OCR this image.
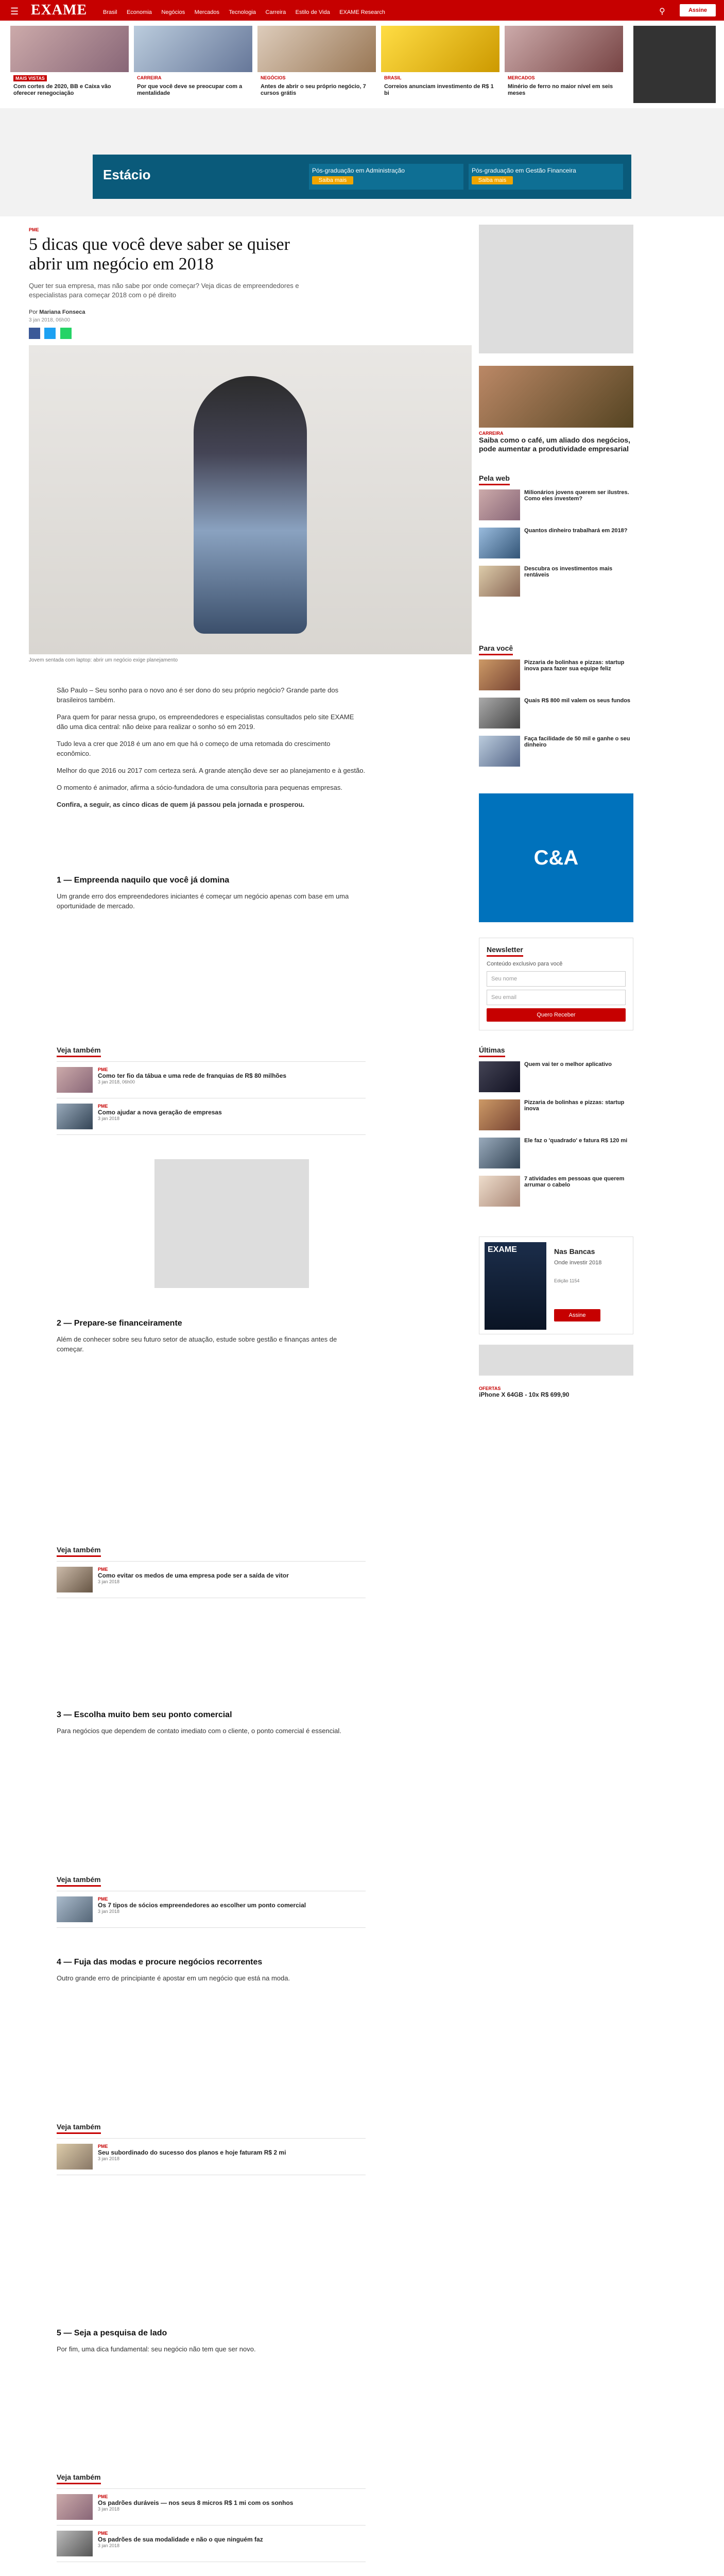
☰ EXAME	Brasil Economia Negócios Mercados Tecnologia Carreira Estilo de Vida EXAME Research	⚲	Assine
MAIS VISTAS
Com cortes de 2020, BB e Caixa vão oferecer renegociação
CARREIRA
Por que você deve se preocupar com a mentalidade
NEGÓCIOS
Antes de abrir o seu próprio negócio, 7 cursos grátis
BRASIL
Correios anunciam investimento de R$ 1 bi
MERCADOS
Minério de ferro no maior nível em seis meses
Estácio	Pós-graduação em Administração
Saiba mais
Pós-graduação em Gestão Financeira
Saiba mais
PME
5 dicas que você deve saber se quiser abrir um negócio em 2018
Quer ter sua empresa, mas não sabe por onde começar? Veja dicas de empreendedores e especialistas para começar 2018 com o pé direito
Por Mariana Fonseca
3 jan 2018, 06h00

Jovem sentada com laptop: abrir um negócio exige planejamento

São Paulo – Seu sonho para o novo ano é ser dono do seu próprio negócio? Grande parte dos brasileiros também.

Para quem for parar nessa grupo, os empreendedores e especialistas consultados pelo site EXAME dão uma dica central: não deixe para realizar o sonho só em 2019.

Tudo leva a crer que 2018 é um ano em que há o começo de uma retomada do crescimento econômico.

Melhor do que 2016 ou 2017 com certeza será. A grande atenção deve ser ao planejamento e à gestão.

O momento é animador, afirma a sócio-fundadora de uma consultoria para pequenas empresas.

Confira, a seguir, as cinco dicas de quem já passou pela jornada e prosperou.

1 — Empreenda naquilo que você já domina
Um grande erro dos empreendedores iniciantes é começar um negócio apenas com base em uma oportunidade de mercado.
Veja também
PME
Como ter fio da tábua e uma rede de franquias de R$ 80 milhões
3 jan 2018, 06h00
PME
Como ajudar a nova geração de empresas
3 jan 2018
2 — Prepare-se financeiramente
Além de conhecer sobre seu futuro setor de atuação, estude sobre gestão e finanças antes de começar.
Veja também
PME
Como evitar os medos de uma empresa pode ser a saída de vitor
3 jan 2018
3 — Escolha muito bem seu ponto comercial
Para negócios que dependem de contato imediato com o cliente, o ponto comercial é essencial.
Veja também
PME
Os 7 tipos de sócios empreendedores ao escolher um ponto comercial
3 jan 2018
4 — Fuja das modas e procure negócios recorrentes
Outro grande erro de principiante é apostar em um negócio que está na moda.
Veja também
PME
Seu subordinado do sucesso dos planos e hoje faturam R$ 2 mi
3 jan 2018
5 — Seja a pesquisa de lado
Por fim, uma dica fundamental: seu negócio não tem que ser novo.
Veja também
PME
Os padrões duráveis — nos seus 8 micros R$ 1 mi com os sonhos
3 jan 2018
PME
Os padrões de sua modalidade e não o que ninguém faz
3 jan 2018
CARREIRA
Saiba como o café, um aliado dos negócios, pode aumentar a produtividade empresarial
Pela web
Milionários jovens querem ser ilustres. Como eles investem?
Quantos dinheiro trabalhará em 2018?
Descubra os investimentos mais rentáveis
Para você
Pizzaria de bolinhas e pizzas: startup inova para fazer sua equipe feliz
Quais R$ 800 mil valem os seus fundos
Faça facilidade de 50 mil e ganhe o seu dinheiro
C&A
Newsletter
Conteúdo exclusivo para você
Seu nome
Seu email
Quero Receber
Últimas
Quem vai ter o melhor aplicativo
Pizzaria de bolinhas e pizzas: startup inova
Ele faz o 'quadrado' e fatura R$ 120 mi
7 atividades em pessoas que querem arrumar o cabelo
EXAME	Nas Bancas
Onde investir 2018
Edição 1154
Assine
OFERTAS
iPhone X 64GB - 10x R$ 699,90
